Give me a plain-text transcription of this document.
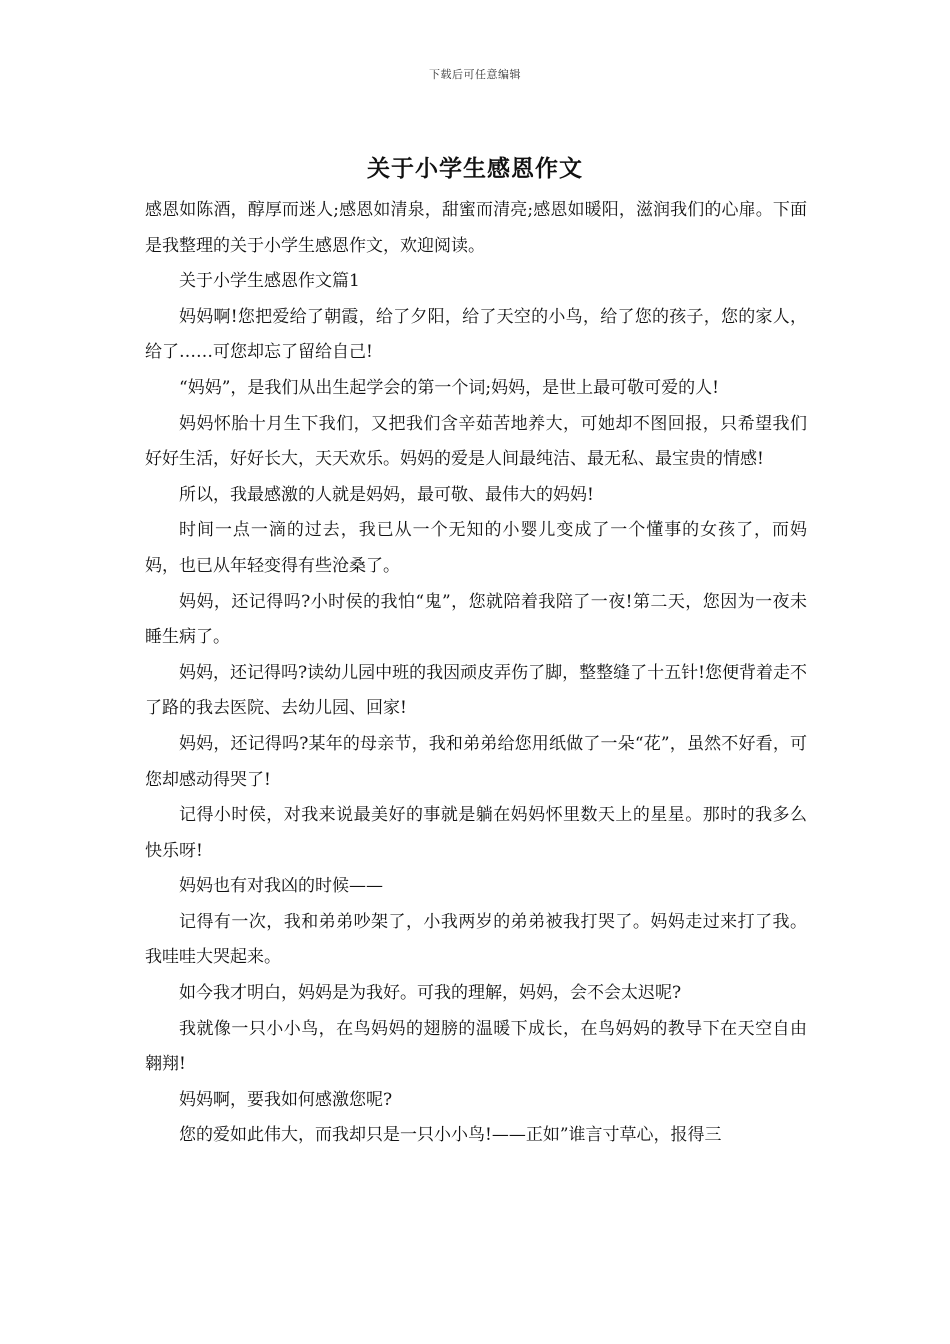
下载后可任意编辑
关于小学生感恩作文

感恩如陈酒，醇厚而迷人;感恩如清泉，甜蜜而清亮;感恩如暖阳，滋润我们的心扉。下面是我整理的关于小学生感恩作文，欢迎阅读。

关于小学生感恩作文篇1

妈妈啊!您把爱给了朝霞，给了夕阳，给了天空的小鸟，给了您的孩子，您的家人，给了……可您却忘了留给自己!

“妈妈”，是我们从出生起学会的第一个词;妈妈，是世上最可敬可爱的人!

妈妈怀胎十月生下我们，又把我们含辛茹苦地养大，可她却不图回报，只希望我们好好生活，好好长大，天天欢乐。妈妈的爱是人间最纯洁、最无私、最宝贵的情感!

所以，我最感激的人就是妈妈，最可敬、最伟大的妈妈!

时间一点一滴的过去，我已从一个无知的小婴儿变成了一个懂事的女孩了，而妈妈，也已从年轻变得有些沧桑了。

妈妈，还记得吗?小时侯的我怕“鬼”，您就陪着我陪了一夜!第二天，您因为一夜未睡生病了。

妈妈，还记得吗?读幼儿园中班的我因顽皮弄伤了脚，整整缝了十五针!您便背着走不了路的我去医院、去幼儿园、回家!

妈妈，还记得吗?某年的母亲节，我和弟弟给您用纸做了一朵“花”，虽然不好看，可您却感动得哭了!

记得小时侯，对我来说最美好的事就是躺在妈妈怀里数天上的星星。那时的我多么快乐呀!

妈妈也有对我凶的时候——

记得有一次，我和弟弟吵架了，小我两岁的弟弟被我打哭了。妈妈走过来打了我。我哇哇大哭起来。

如今我才明白，妈妈是为我好。可我的理解，妈妈，会不会太迟呢?

我就像一只小小鸟，在鸟妈妈的翅膀的温暖下成长，在鸟妈妈的教导下在天空自由翱翔!

妈妈啊，要我如何感激您呢?

您的爱如此伟大，而我却只是一只小小鸟!——正如”谁言寸草心，报得三
